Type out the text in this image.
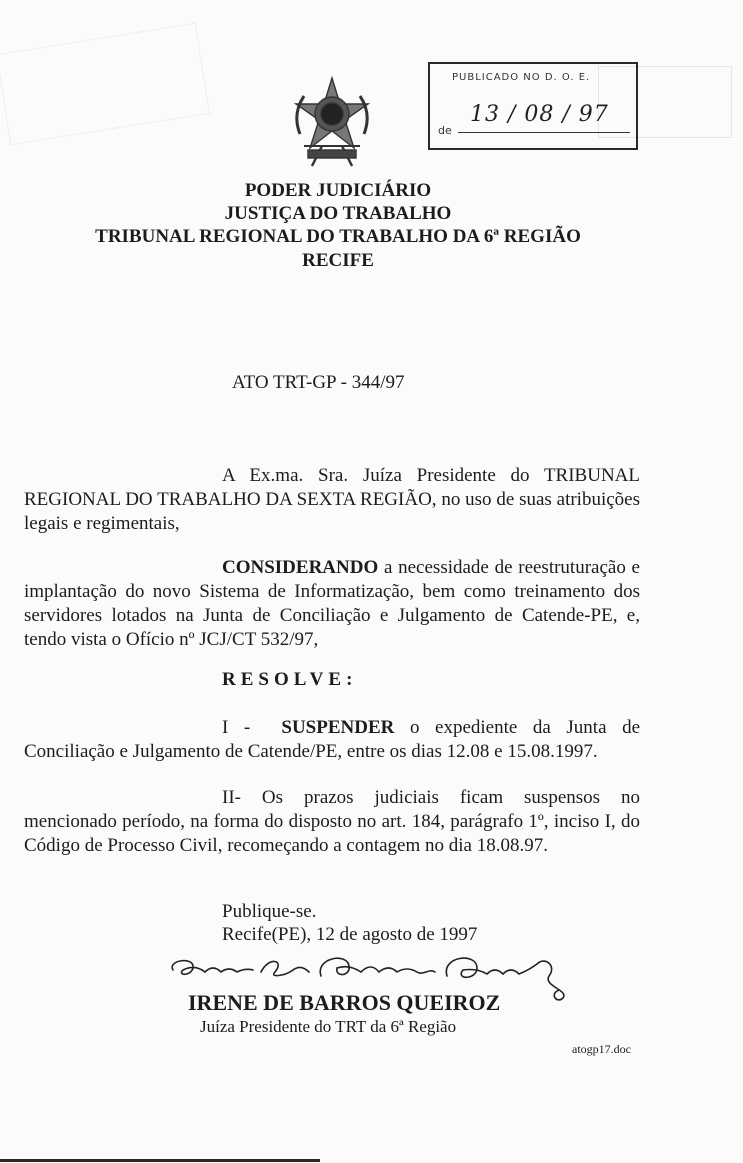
PUBLICADO NO D. O. E.
13 / 08 / 97
de
PODER JUDICIÁRIO
JUSTIÇA DO TRABALHO
TRIBUNAL REGIONAL DO TRABALHO DA 6ª REGIÃO
RECIFE
ATO TRT-GP - 344/97
A Ex.ma. Sra. Juíza Presidente do TRIBUNAL REGIONAL DO TRABALHO DA SEXTA REGIÃO, no uso de suas atribuições legais e regimentais,
CONSIDERANDO a necessidade de reestruturação e implantação do novo Sistema de Informatização, bem como treinamento dos servidores lotados na Junta de Conciliação e Julgamento de Catende-PE, e, tendo vista o Ofício nº JCJ/CT 532/97,
RESOLVE:
I - SUSPENDER o expediente da Junta de Conciliação e Julgamento de Catende/PE, entre os dias 12.08 e 15.08.1997.
II- Os prazos judiciais ficam suspensos no mencionado período, na forma do disposto no art. 184, parágrafo 1º, inciso I, do Código de Processo Civil, recomeçando a contagem no dia 18.08.97.
Publique-se.
Recife(PE), 12 de agosto de 1997
IRENE DE BARROS QUEIROZ
Juíza Presidente do TRT da 6ª Região
atogp17.doc
